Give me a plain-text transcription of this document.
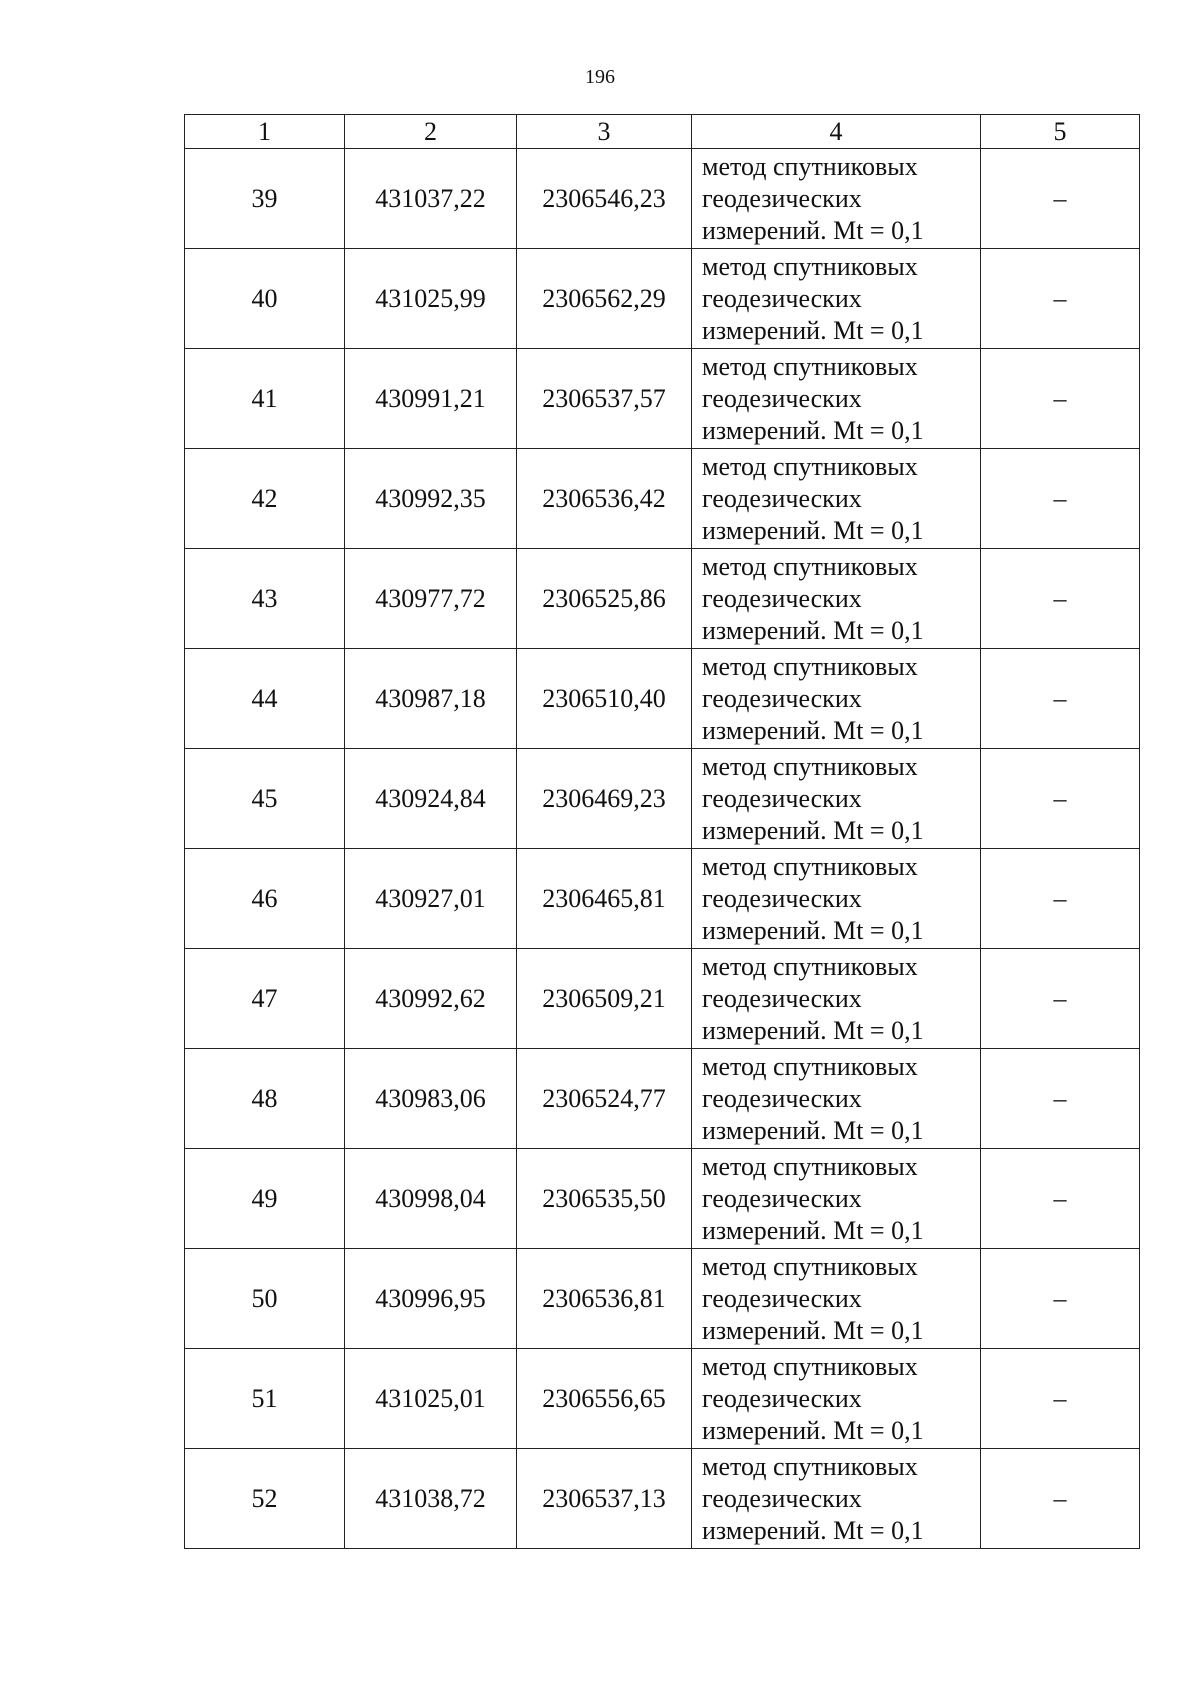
196
1	2	3	4	5
39	431037,22	2306546,23	метод спутниковых
геодезических
измерений. Mt = 0,1	–
40	431025,99	2306562,29	метод спутниковых
геодезических
измерений. Mt = 0,1	–
41	430991,21	2306537,57	метод спутниковых
геодезических
измерений. Mt = 0,1	–
42	430992,35	2306536,42	метод спутниковых
геодезических
измерений. Mt = 0,1	–
43	430977,72	2306525,86	метод спутниковых
геодезических
измерений. Mt = 0,1	–
44	430987,18	2306510,40	метод спутниковых
геодезических
измерений. Mt = 0,1	–
45	430924,84	2306469,23	метод спутниковых
геодезических
измерений. Mt = 0,1	–
46	430927,01	2306465,81	метод спутниковых
геодезических
измерений. Mt = 0,1	–
47	430992,62	2306509,21	метод спутниковых
геодезических
измерений. Mt = 0,1	–
48	430983,06	2306524,77	метод спутниковых
геодезических
измерений. Mt = 0,1	–
49	430998,04	2306535,50	метод спутниковых
геодезических
измерений. Mt = 0,1	–
50	430996,95	2306536,81	метод спутниковых
геодезических
измерений. Mt = 0,1	–
51	431025,01	2306556,65	метод спутниковых
геодезических
измерений. Mt = 0,1	–
52	431038,72	2306537,13	метод спутниковых
геодезических
измерений. Mt = 0,1	–
